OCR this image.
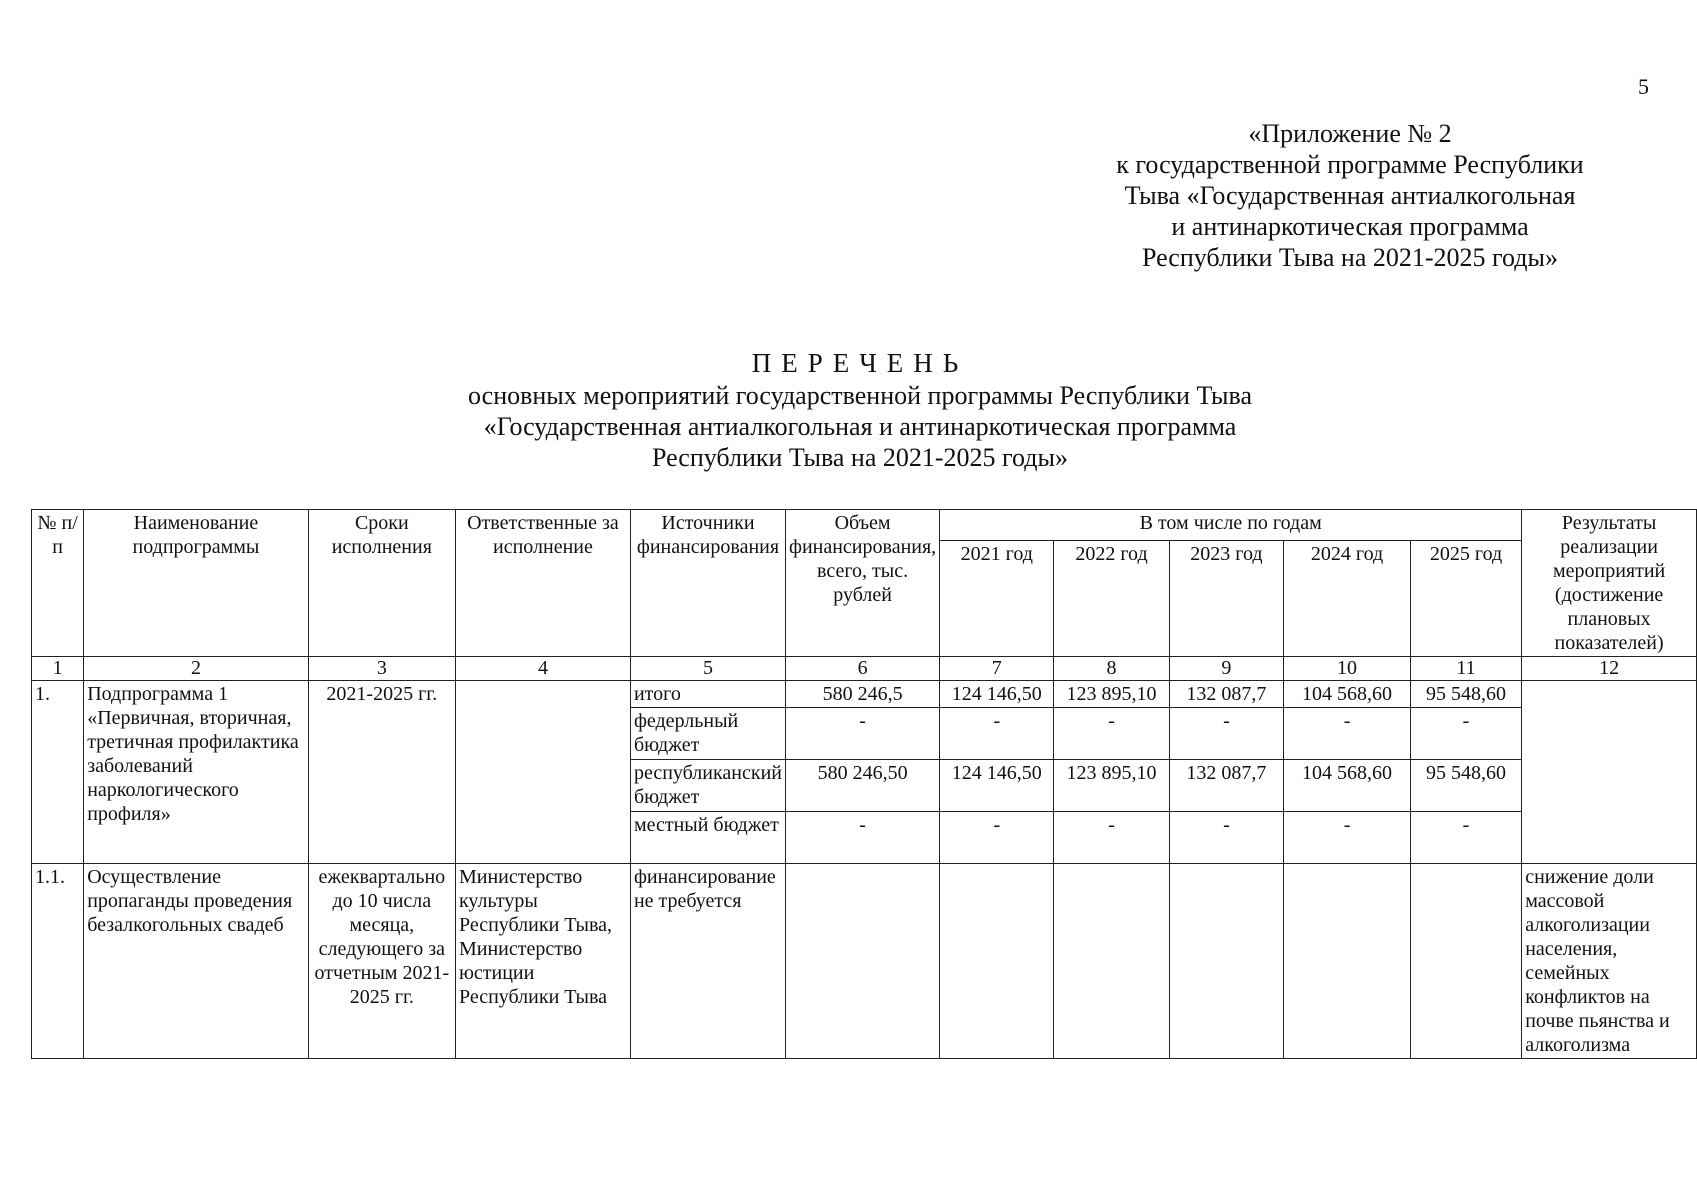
5
«Приложение № 2
к государственной программе Республики
Тыва «Государственная антиалкогольная
и антинаркотическая программа
Республики Тыва на 2021-2025 годы»
ПЕРЕЧЕНЬ
основных мероприятий государственной программы Республики Тыва
«Государственная антиалкогольная и антинаркотическая программа
Республики Тыва на 2021-2025 годы»
№ п/п	Наименование подпрограммы	Сроки исполнения	Ответственные за исполнение	Источники финансирования	Объем финансирования, всего, тыс. рублей	В том числе по годам					Результаты реализации мероприятий (достижение плановых показателей)
						2021 год	2022 год	2023 год	2024 год	2025 год	
1	2	3	4	5	6	7	8	9	10	11	12
1.	Подпрограмма 1 «Первичная, вторичная, третичная профилактика заболеваний наркологического профиля»	2021-2025 гг.		итого	580 246,5	124 146,50	123 895,10	132 087,7	104 568,60	95 548,60	
				федерльный бюджет	-	-	-	-	-	-	
				республиканский бюджет	580 246,50	124 146,50	123 895,10	132 087,7	104 568,60	95 548,60	
				местный бюджет	-	-	-	-	-	-	
1.1.	Осуществление пропаганды проведения безалкогольных свадеб	ежеквартально до 10 числа месяца, следующего за отчетным 2021-2025 гг.	Министерство культуры Республики Тыва, Министерство юстиции Республики Тыва	финансирование не требуется							снижение доли массовой алкоголизации населения, семейных конфликтов на почве пьянства и алкоголизма
